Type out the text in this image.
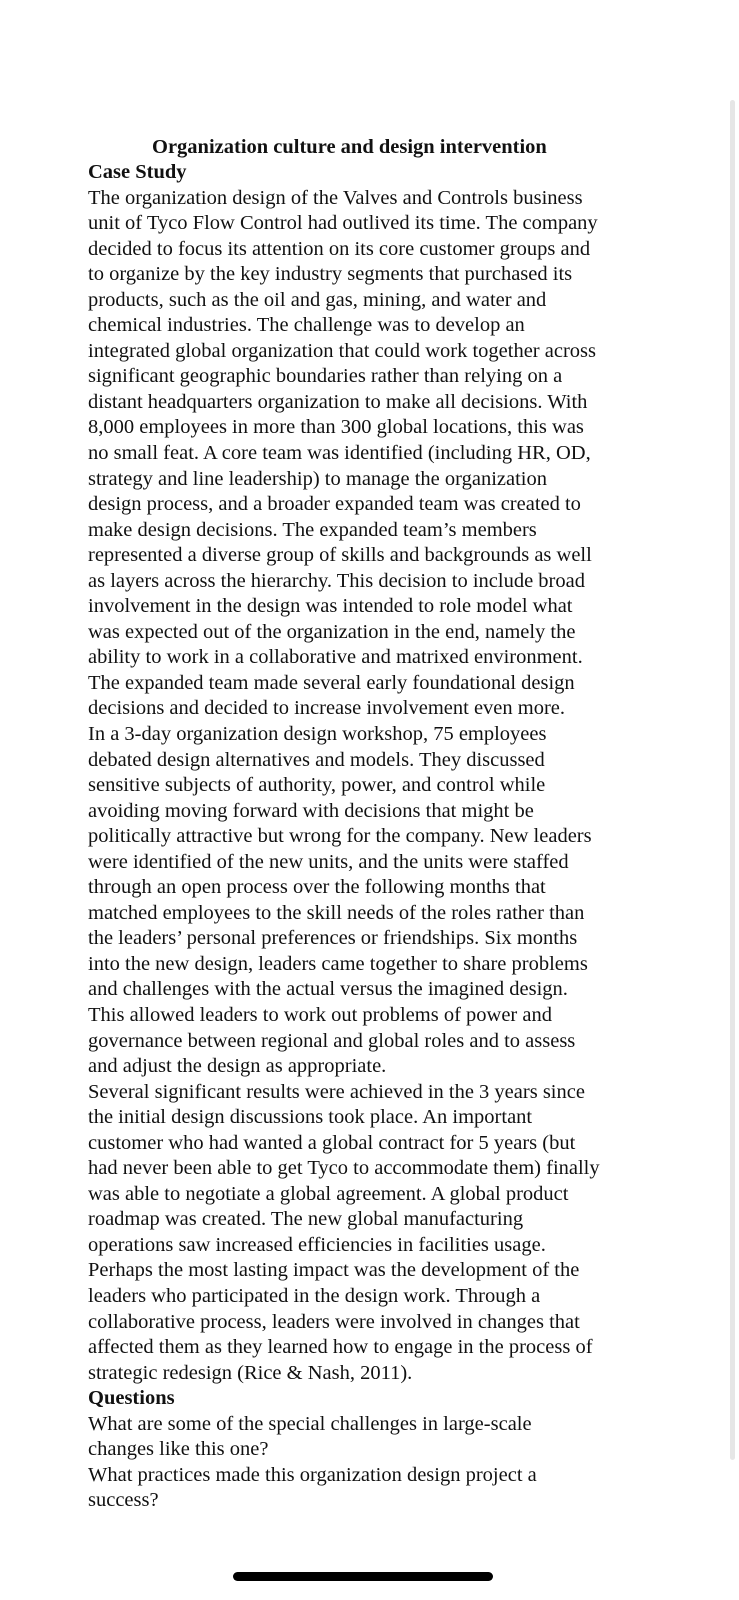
Organization culture and design intervention
Case Study
The organization design of the Valves and Controls business
unit of Tyco Flow Control had outlived its time. The company
decided to focus its attention on its core customer groups and
to organize by the key industry segments that purchased its
products, such as the oil and gas, mining, and water and
chemical industries. The challenge was to develop an
integrated global organization that could work together across
significant geographic boundaries rather than relying on a
distant headquarters organization to make all decisions. With
8,000 employees in more than 300 global locations, this was
no small feat. A core team was identified (including HR, OD,
strategy and line leadership) to manage the organization
design process, and a broader expanded team was created to
make design decisions. The expanded team’s members
represented a diverse group of skills and backgrounds as well
as layers across the hierarchy. This decision to include broad
involvement in the design was intended to role model what
was expected out of the organization in the end, namely the
ability to work in a collaborative and matrixed environment.
The expanded team made several early foundational design
decisions and decided to increase involvement even more.
In a 3-day organization design workshop, 75 employees
debated design alternatives and models. They discussed
sensitive subjects of authority, power, and control while
avoiding moving forward with decisions that might be
politically attractive but wrong for the company. New leaders
were identified of the new units, and the units were staffed
through an open process over the following months that
matched employees to the skill needs of the roles rather than
the leaders’ personal preferences or friendships. Six months
into the new design, leaders came together to share problems
and challenges with the actual versus the imagined design.
This allowed leaders to work out problems of power and
governance between regional and global roles and to assess
and adjust the design as appropriate.
Several significant results were achieved in the 3 years since
the initial design discussions took place. An important
customer who had wanted a global contract for 5 years (but
had never been able to get Tyco to accommodate them) finally
was able to negotiate a global agreement. A global product
roadmap was created. The new global manufacturing
operations saw increased efficiencies in facilities usage.
Perhaps the most lasting impact was the development of the
leaders who participated in the design work. Through a
collaborative process, leaders were involved in changes that
affected them as they learned how to engage in the process of
strategic redesign (Rice & Nash, 2011).
Questions
What are some of the special challenges in large-scale
changes like this one?
What practices made this organization design project a
success?
